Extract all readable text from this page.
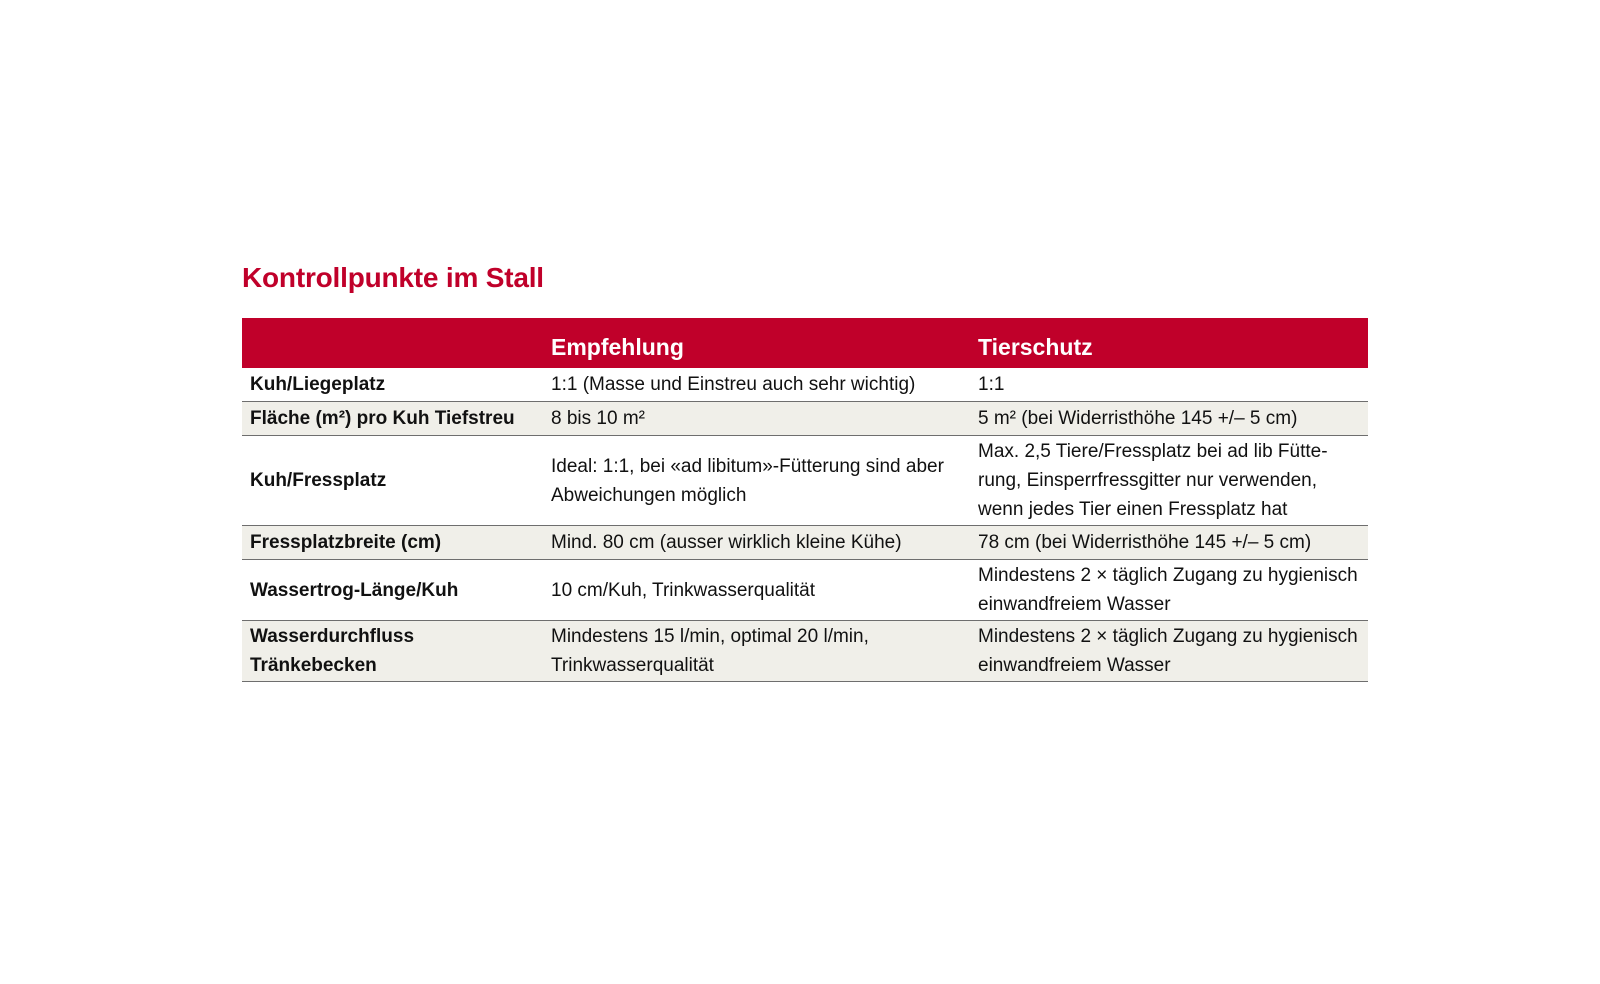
Kontrollpunkte im Stall
	Empfehlung	Tierschutz
Kuh/Liegeplatz	1:1 (Masse und Einstreu auch sehr wichtig)	1:1
Fläche (m²) pro Kuh Tiefstreu	8 bis 10 m²	5 m² (bei Widerristhöhe 145 +/– 5 cm)
Kuh/Fressplatz	Ideal: 1:1, bei «ad libitum»-Fütterung sind aber Abweichungen möglich	Max. 2,5 Tiere/Fressplatz bei ad lib Fütte-rung, Einsperrfressgitter nur verwenden, wenn jedes Tier einen Fressplatz hat
Fressplatzbreite (cm)	Mind. 80 cm (ausser wirklich kleine Kühe)	78 cm (bei Widerristhöhe 145 +/– 5 cm)
Wassertrog-Länge/Kuh	10 cm/Kuh, Trinkwasserqualität	Mindestens 2 × täglich Zugang zu hygienisch einwandfreiem Wasser
Wasserdurchfluss Tränkebecken	Mindestens 15 l/min, optimal 20 l/min, Trinkwasserqualität	Mindestens 2 × täglich Zugang zu hygienisch einwandfreiem Wasser
